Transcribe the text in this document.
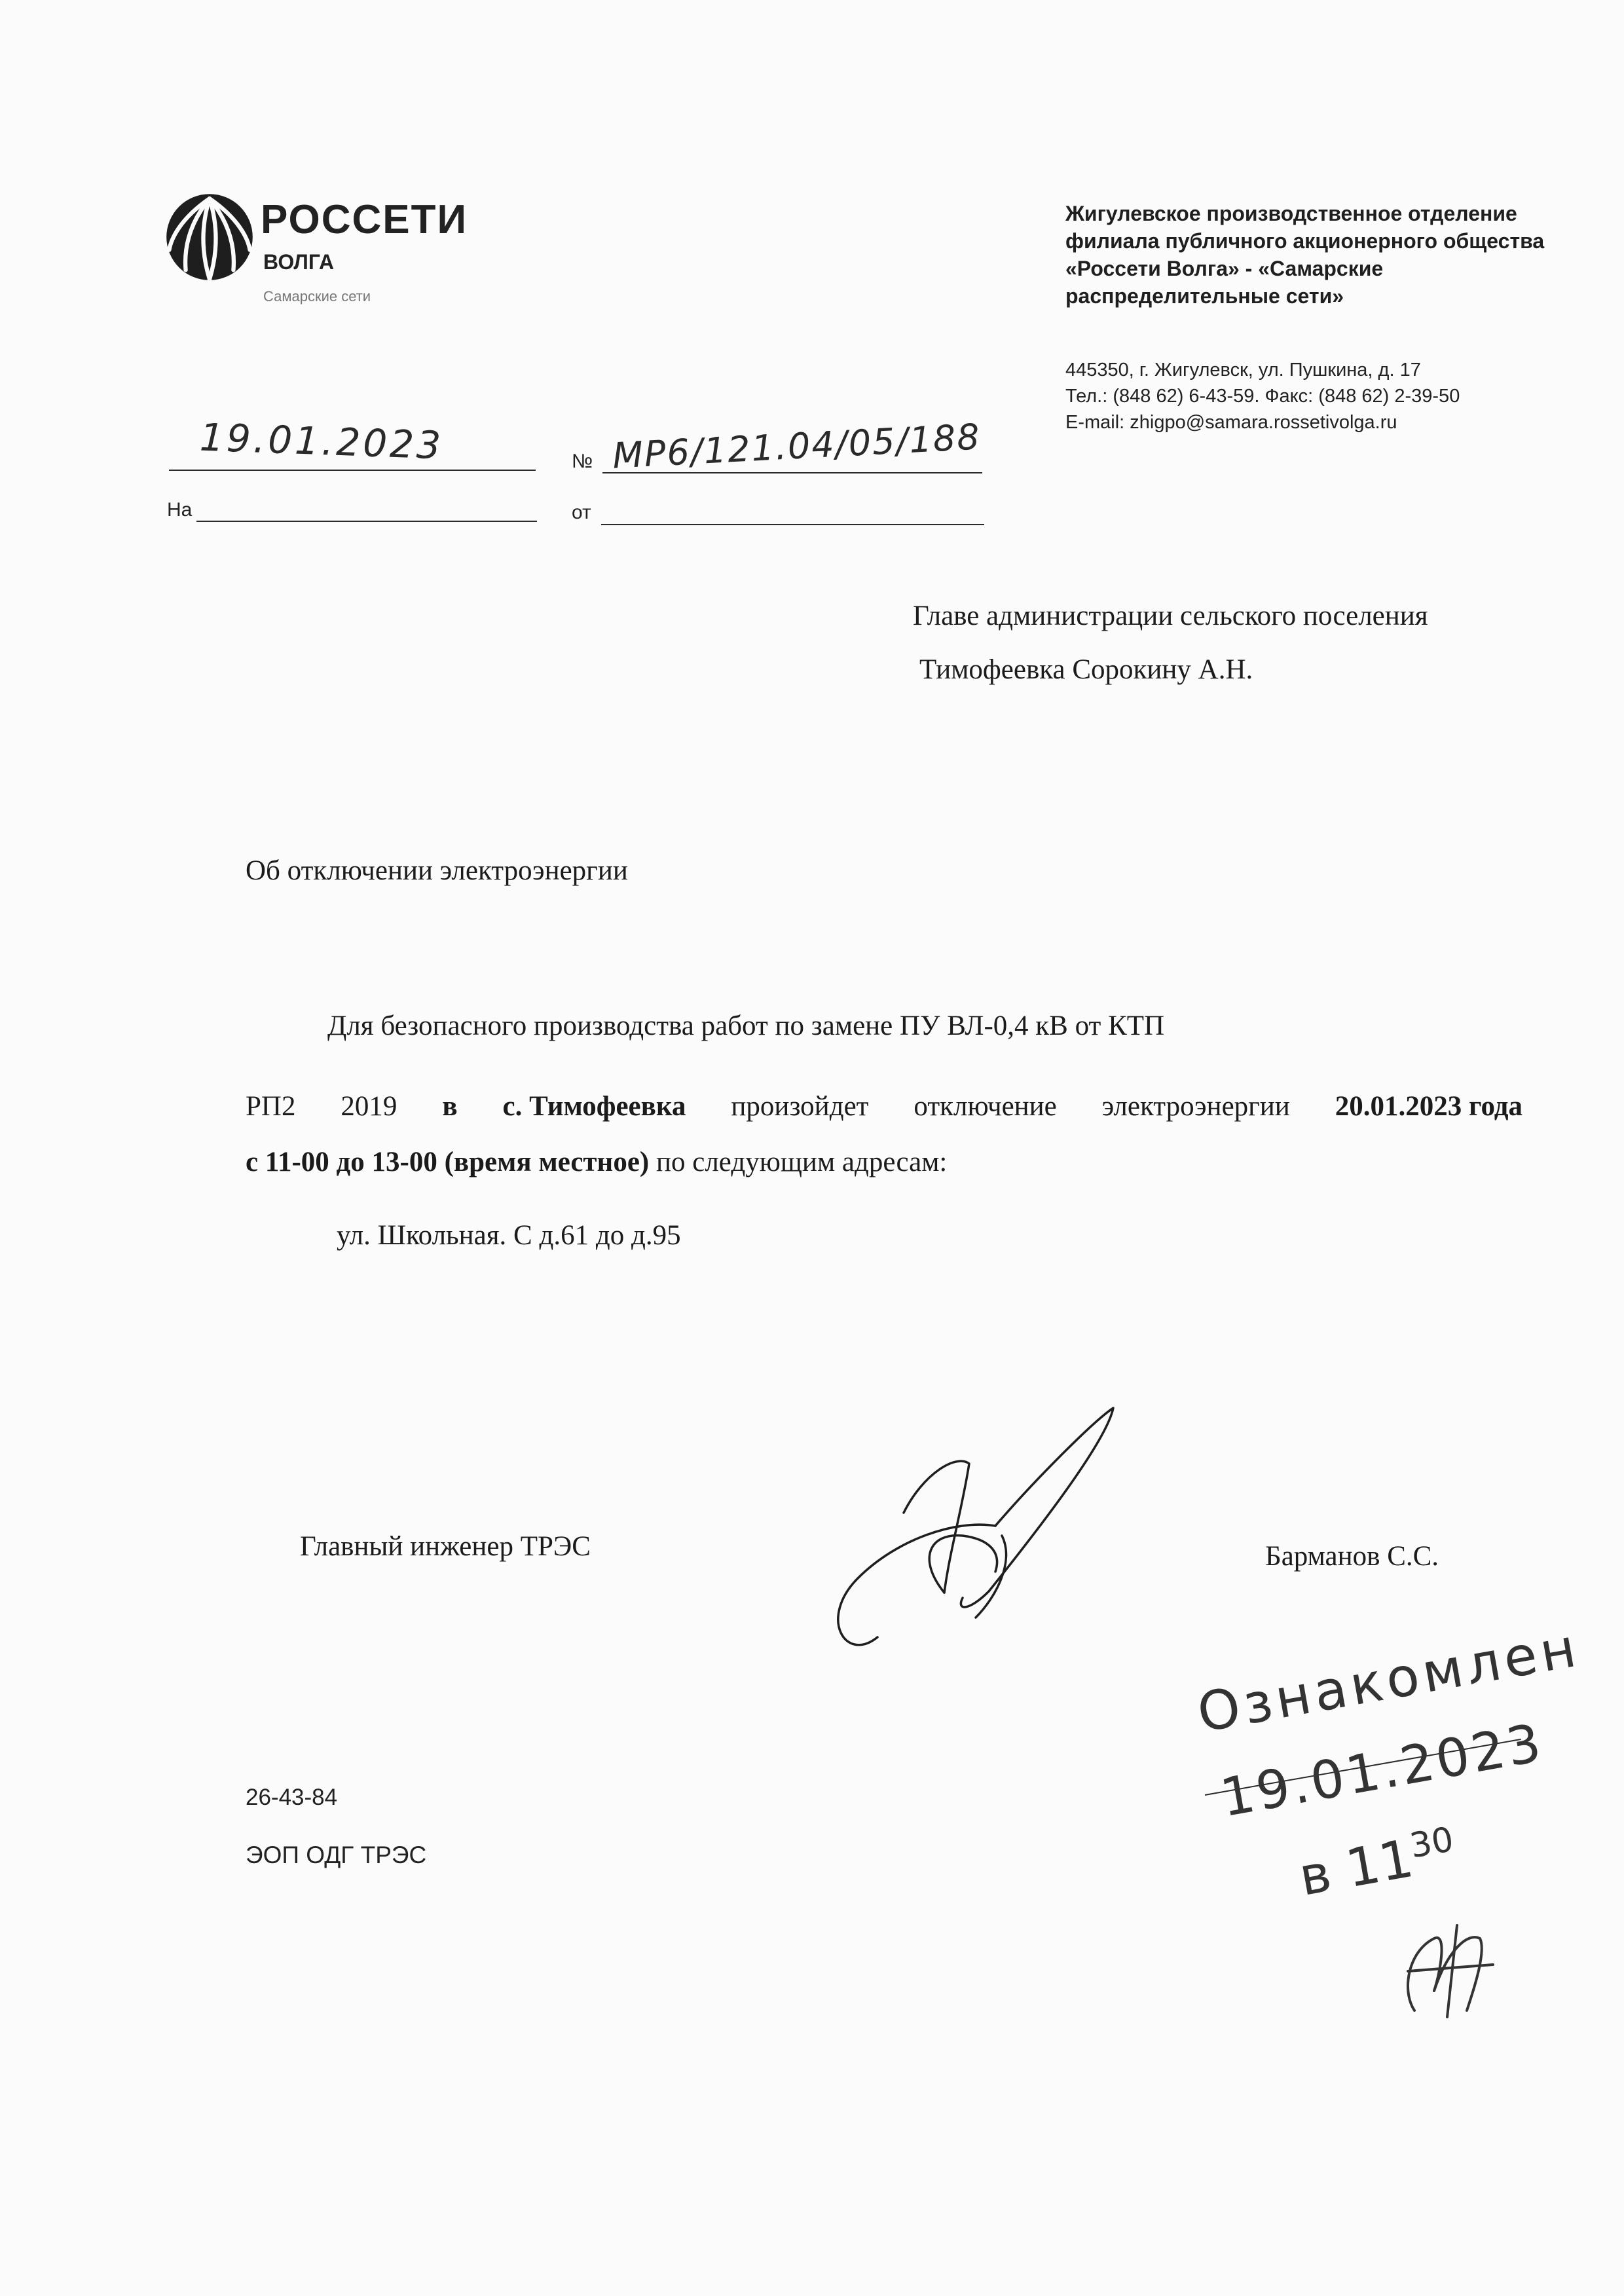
РОССЕТИ
ВОЛГА
Самарские сети
Жигулевское производственное отделение
филиала публичного акционерного общества
«Россети Волга» - «Самарские
распределительные сети»
445350, г. Жигулевск, ул. Пушкина, д. 17
Тел.: (848 62) 6-43-59. Факс: (848 62) 2-39-50
E-mail: zhigpo@samara.rossetivolga.ru
19.01.2023	№ МР6/121.04/05/188
На	от
Главе администрации сельского поселения
Тимофеевка Сорокину А.Н.
Об отключении электроэнергии
Для безопасного производства работ по замене ПУ ВЛ-0,4 кВ от КТП
РП2 2019 в с. Тимофеевка произойдет отключение электроэнергии 20.01.2023 года
с 11-00 до 13-00 (время местное) по следующим адресам:
ул. Школьная. С д.61 до д.95
Главный инженер ТРЭС	Барманов С.С.
26-43-84
ЭОП ОДГ ТРЭС
Ознакомлен
19.01.2023
в $11^{30}$
